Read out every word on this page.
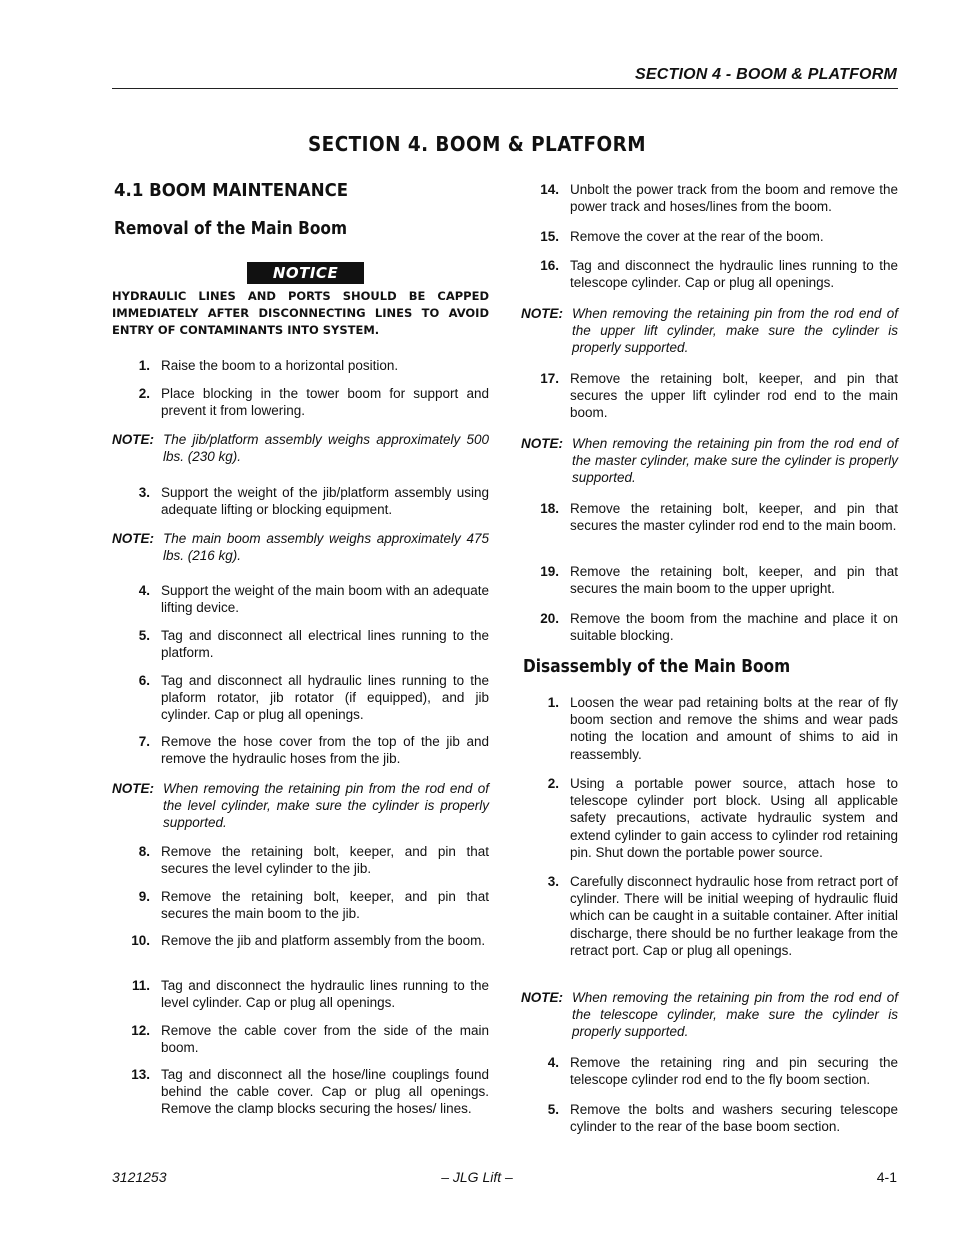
SECTION 4 - BOOM & PLATFORM
SECTION 4. BOOM & PLATFORM
4.1 BOOM MAINTENANCE
Removal of the Main Boom
NOTICE
HYDRAULIC LINES AND PORTS SHOULD BE CAPPED IMMEDIATELY AFTER DISCONNECTING LINES TO AVOID ENTRY OF CONTAMINANTS INTO SYSTEM.
1. Raise the boom to a horizontal position.
2. Place blocking in the tower boom for support and prevent it from lowering.
NOTE: The jib/platform assembly weighs approximately 500 lbs. (230 kg).
3. Support the weight of the jib/platform assembly using adequate lifting or blocking equipment.
NOTE: The main boom assembly weighs approximately 475 lbs. (216 kg).
4. Support the weight of the main boom with an adequate lifting device.
5. Tag and disconnect all electrical lines running to the platform.
6. Tag and disconnect all hydraulic lines running to the plaform rotator, jib rotator (if equipped), and jib cylinder. Cap or plug all openings.
7. Remove the hose cover from the top of the jib and remove the hydraulic hoses from the jib.
NOTE: When removing the retaining pin from the rod end of the level cylinder, make sure the cylinder is properly supported.
8. Remove the retaining bolt, keeper, and pin that secures the level cylinder to the jib.
9. Remove the retaining bolt, keeper, and pin that secures the main boom to the jib.
10. Remove the jib and platform assembly from the boom.
11. Tag and disconnect the hydraulic lines running to the level cylinder. Cap or plug all openings.
12. Remove the cable cover from the side of the main boom.
13. Tag and disconnect all the hose/line couplings found behind the cable cover. Cap or plug all openings. Remove the clamp blocks securing the hoses/ lines.
14. Unbolt the power track from the boom and remove the power track and hoses/lines from the boom.
15. Remove the cover at the rear of the boom.
16. Tag and disconnect the hydraulic lines running to the telescope cylinder. Cap or plug all openings.
NOTE: When removing the retaining pin from the rod end of the upper lift cylinder, make sure the cylinder is properly supported.
17. Remove the retaining bolt, keeper, and pin that secures the upper lift cylinder rod end to the main boom.
NOTE: When removing the retaining pin from the rod end of the master cylinder, make sure the cylinder is properly supported.
18. Remove the retaining bolt, keeper, and pin that secures the master cylinder rod end to the main boom.
19. Remove the retaining bolt, keeper, and pin that secures the main boom to the upper upright.
20. Remove the boom from the machine and place it on suitable blocking.
Disassembly of the Main Boom
1. Loosen the wear pad retaining bolts at the rear of fly boom section and remove the shims and wear pads noting the location and amount of shims to aid in reassembly.
2. Using a portable power source, attach hose to telescope cylinder port block. Using all applicable safety precautions, activate hydraulic system and extend cylinder to gain access to cylinder rod retaining pin. Shut down the portable power source.
3. Carefully disconnect hydraulic hose from retract port of cylinder. There will be initial weeping of hydraulic fluid which can be caught in a suitable container. After initial discharge, there should be no further leakage from the retract port. Cap or plug all openings.
NOTE: When removing the retaining pin from the rod end of the telescope cylinder, make sure the cylinder is properly supported.
4. Remove the retaining ring and pin securing the telescope cylinder rod end to the fly boom section.
5. Remove the bolts and washers securing telescope cylinder to the rear of the base boom section.
3121253	– JLG Lift –	4-1
